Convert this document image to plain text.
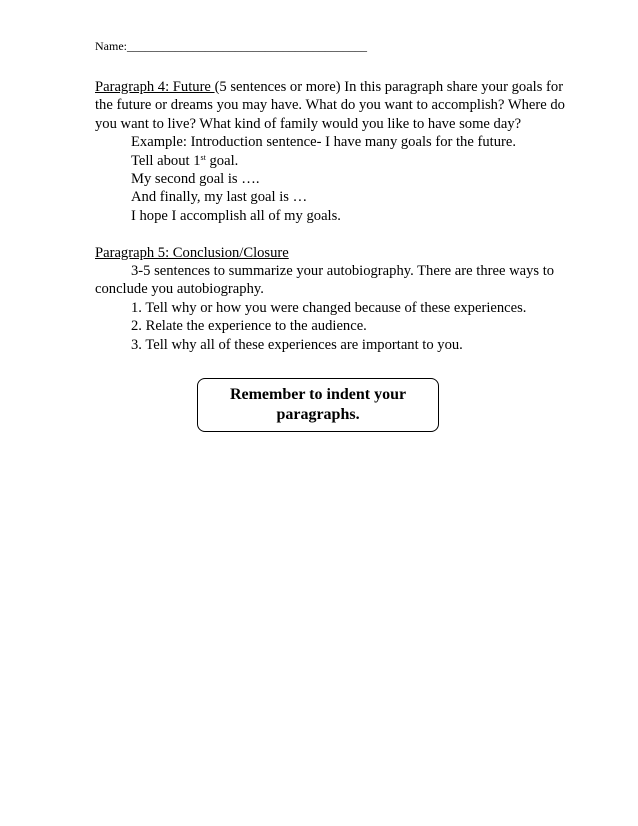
Name:________________________________________

Paragraph 4: Future (5 sentences or more) In this paragraph share your goals for the future or dreams you may have. What do you want to accomplish? Where do you want to live? What kind of family would you like to have some day?

Example: Introduction sentence- I have many goals for the future.

Tell about 1st goal.

My second goal is ….

And finally, my last goal is …

I hope I accomplish all of my goals.

Paragraph 5: Conclusion/Closure

3-5 sentences to summarize your autobiography. There are three ways to conclude you autobiography.

1. Tell why or how you were changed because of these experiences.

2. Relate the experience to the audience.

3. Tell why all of these experiences are important to you.

Remember to indent your paragraphs.
